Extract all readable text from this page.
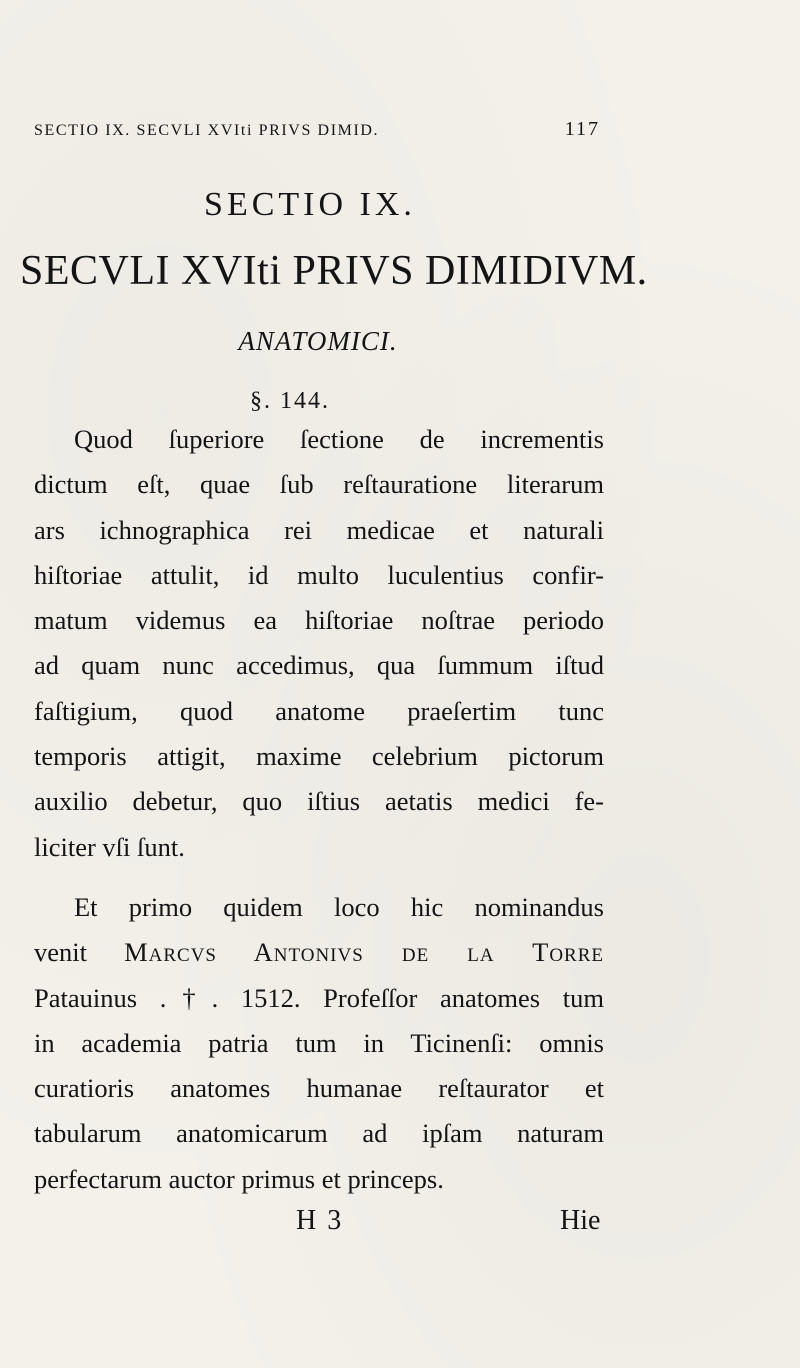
SECTIO IX. SECVLI XVIti PRIVS DIMID.	117
SECTIO IX.
SECVLI XVIti PRIVS DIMIDIVM.
ANATOMICI.
§. 144.
Quod ſuperiore ſectione de incrementis
dictum eſt, quae ſub reſtauratione literarum
ars ichnographica rei medicae et naturali
hiſtoriae attulit, id multo luculentius confir-
matum videmus ea hiſtoriae noſtrae periodo
ad quam nunc accedimus, qua ſummum iſtud
faſtigium, quod anatome praeſertim tunc
temporis attigit, maxime celebrium pictorum
auxilio debetur, quo iſtius aetatis medici fe-
liciter vſi ſunt.
Et primo quidem loco hic nominandus
venit Marcvs Antonivs de la Torre
Patauinus .†. 1512. Profeſſor anatomes tum
in academia patria tum in Ticinenſi: omnis
curatioris anatomes humanae reſtaurator et
tabularum anatomicarum ad ipſam naturam
perfectarum auctor primus et princeps.
H 3	Hie
